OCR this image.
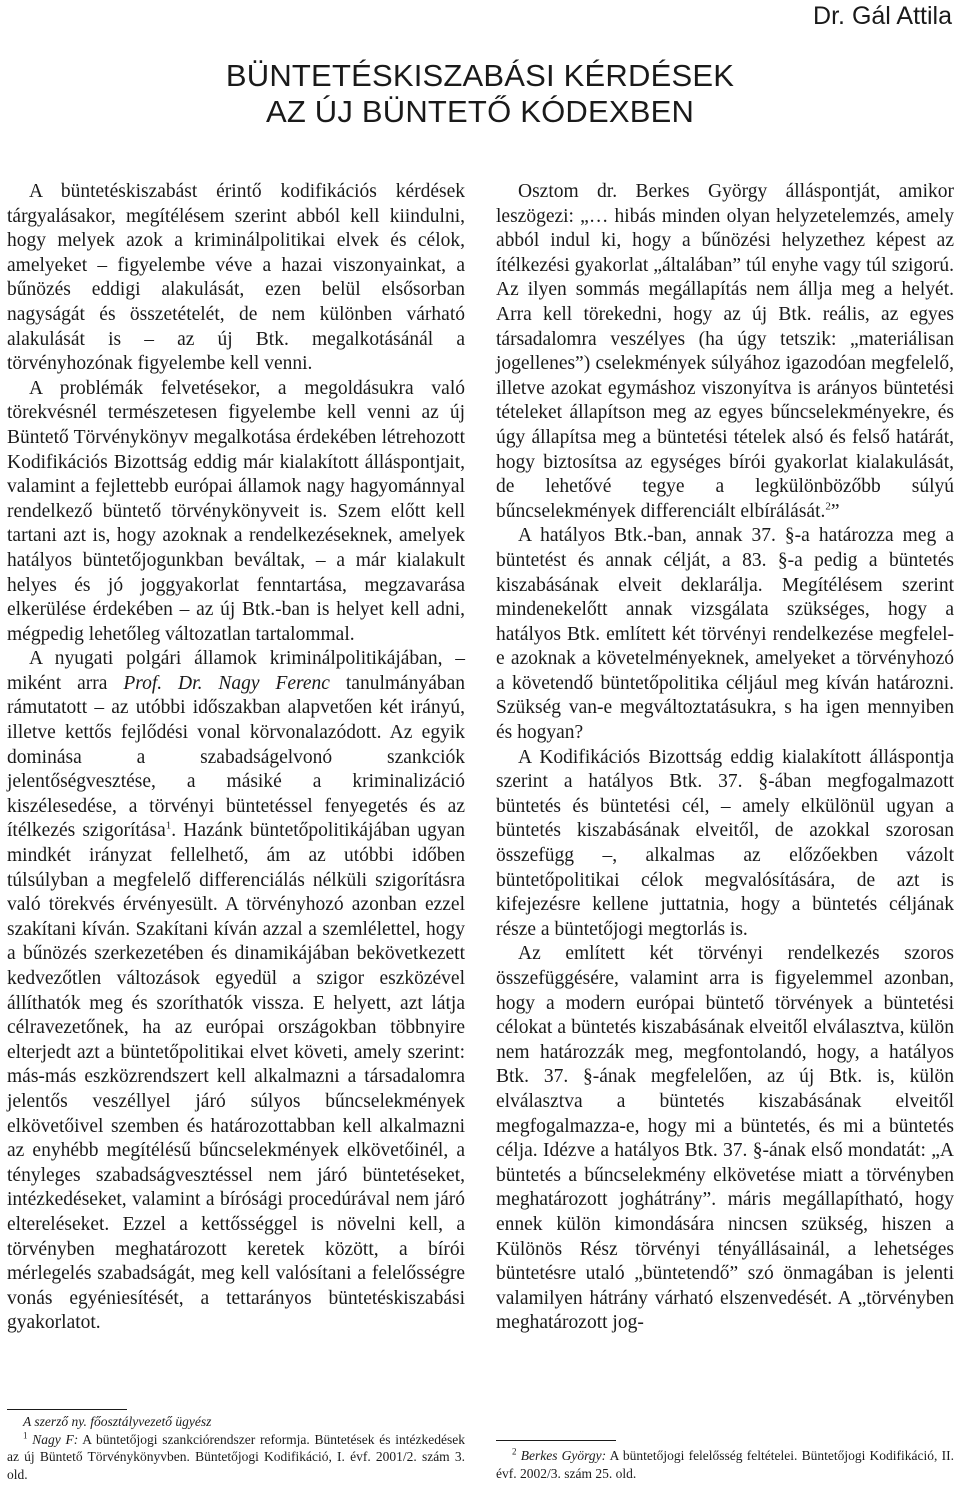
Dr. Gál Attila
BÜNTETÉSKISZABÁSI KÉRDÉSEK
AZ ÚJ BÜNTETŐ KÓDEXBEN

A büntetéskiszabást érintő kodifikációs kérdések tárgyalásakor, megítélésem szerint abból kell kiindulni, hogy melyek azok a kriminálpolitikai elvek és célok, amelyeket – figyelembe véve a hazai viszonyainkat, a bűnözés eddigi alakulását, ezen belül elsősorban nagyságát és összetételét, de nem különben várható alakulását is – az új Btk. megalkotásánál a törvényhozónak figyelembe kell venni.

A problémák felvetésekor, a megoldásukra való törekvésnél természetesen figyelembe kell venni az új Büntető Törvénykönyv megalkotása érdekében létrehozott Kodifikációs Bizottság eddig már kialakított álláspontjait, valamint a fejlettebb európai államok nagy hagyománnyal rendelkező büntető törvénykönyveit is. Szem előtt kell tartani azt is, hogy azoknak a rendelkezéseknek, amelyek hatályos büntetőjogunkban beváltak, – a már kialakult helyes és jó joggyakorlat fenntartása, megzavarása elkerülése érdekében – az új Btk.-ban is helyet kell adni, mégpedig lehetőleg változatlan tartalommal.

A nyugati polgári államok kriminálpolitikájában, – miként arra Prof. Dr. Nagy Ferenc tanulmányában rámutatott – az utóbbi időszakban alapvetően két irányú, illetve kettős fejlődési vonal körvonalazódott. Az egyik dominása a szabadságelvonó szankciók jelentőségvesztése, a másiké a kriminalizáció kiszélesedése, a törvényi büntetéssel fenyegetés és az ítélkezés szigorítása$^1$. Hazánk büntetőpolitikájában ugyan mindkét irányzat fellelhető, ám az utóbbi időben túlsúlyban a megfelelő differenciálás nélküli szigorításra való törekvés érvényesült. A törvényhozó azonban ezzel szakítani kíván. Szakítani kíván azzal a szemlélettel, hogy a bűnözés szerkezetében és dinamikájában bekövetkezett kedvezőtlen változások egyedül a szigor eszközével állíthatók meg és szoríthatók vissza. E helyett, azt látja célravezetőnek, ha az európai országokban többnyire elterjedt azt a büntetőpolitikai elvet követi, amely szerint: más-más eszközrendszert kell alkalmazni a társadalomra jelentős veszéllyel járó súlyos bűncselekmények elkövetőivel szemben és határozottabban kell alkalmazni az enyhébb megítélésű bűncselekmények elkövetőinél, a tényleges szabadságvesztéssel nem járó büntetéseket, intézkedéseket, valamint a bírósági procedúrával nem járó eltereléseket. Ezzel a kettősséggel is növelni kell, a törvényben meghatározott keretek között, a bírói mérlegelés szabadságát, meg kell valósítani a felelősségre vonás egyéniesítését, a tettarányos büntetéskiszabási gyakorlatot.

Osztom dr. Berkes György álláspontját, amikor leszögezi: „… hibás minden olyan helyzetelemzés, amely abból indul ki, hogy a bűnözési helyzethez képest az ítélkezési gyakorlat „általában” túl enyhe vagy túl szigorú. Az ilyen sommás megállapítás nem állja meg a helyét. Arra kell törekedni, hogy az új Btk. reális, az egyes társadalomra veszélyes (ha úgy tetszik: „materiálisan jogellenes”) cselekmények súlyához igazodóan megfelelő, illetve azokat egymáshoz viszonyítva is arányos büntetési tételeket állapítson meg az egyes bűncselekményekre, és úgy állapítsa meg a büntetési tételek alsó és felső határát, hogy biztosítsa az egységes bírói gyakorlat kialakulását, de lehetővé tegye a legkülönbözőbb súlyú bűncselekmények differenciált elbírálását.$^2$”

A hatályos Btk.-ban, annak 37. §-a határozza meg a büntetést és annak célját, a 83. §-a pedig a büntetés kiszabásának elveit deklarálja. Megítélésem szerint mindenekelőtt annak vizsgálata szükséges, hogy a hatályos Btk. említett két törvényi rendelkezése megfelel-e azoknak a követelményeknek, amelyeket a törvényhozó a követendő büntetőpolitika céljául meg kíván határozni. Szükség van-e megváltoztatásukra, s ha igen mennyiben és hogyan?

A Kodifikációs Bizottság eddig kialakított álláspontja szerint a hatályos Btk. 37. §-ában megfogalmazott büntetés és büntetési cél, – amely elkülönül ugyan a büntetés kiszabásának elveitől, de azokkal szorosan összefügg –, alkalmas az előzőekben vázolt büntetőpolitikai célok megvalósítására, de azt is kifejezésre kellene juttatnia, hogy a büntetés céljának része a büntetőjogi megtorlás is.

Az említett két törvényi rendelkezés szoros összefüggésére, valamint arra is figyelemmel azonban, hogy a modern európai büntető törvények a büntetési célokat a büntetés kiszabásának elveitől elválasztva, külön nem határozzák meg, megfontolandó, hogy, a hatályos Btk. 37. §-ának megfelelően, az új Btk. is, külön elválasztva a büntetés kiszabásának elveitől megfogalmazza-e, hogy mi a büntetés, és mi a büntetés célja. Idézve a hatályos Btk. 37. §-ának első mondatát: „A büntetés a bűncselekmény elkövetése miatt a törvényben meghatározott joghátrány”. máris megállapítható, hogy ennek külön kimondására nincsen szükség, hiszen a Különös Rész törvényi tényállásainál, a lehetséges büntetésre utaló „büntetendő” szó önmagában is jelenti valamilyen hátrány várható elszenvedését. A „törvényben meghatározott jog-

A szerző ny. főosztályvezető ügyész

$^1$ Nagy F: A büntetőjogi szankciórendszer reformja. Büntetések és intézkedések az új Büntető Törvénykönyvben. Büntetőjogi Kodifikáció, I. évf. 2001/2. szám 3. old.

$^2$ Berkes György: A büntetőjogi felelősség feltételei. Büntetőjogi Kodifikáció, II. évf. 2002/3. szám 25. old.
